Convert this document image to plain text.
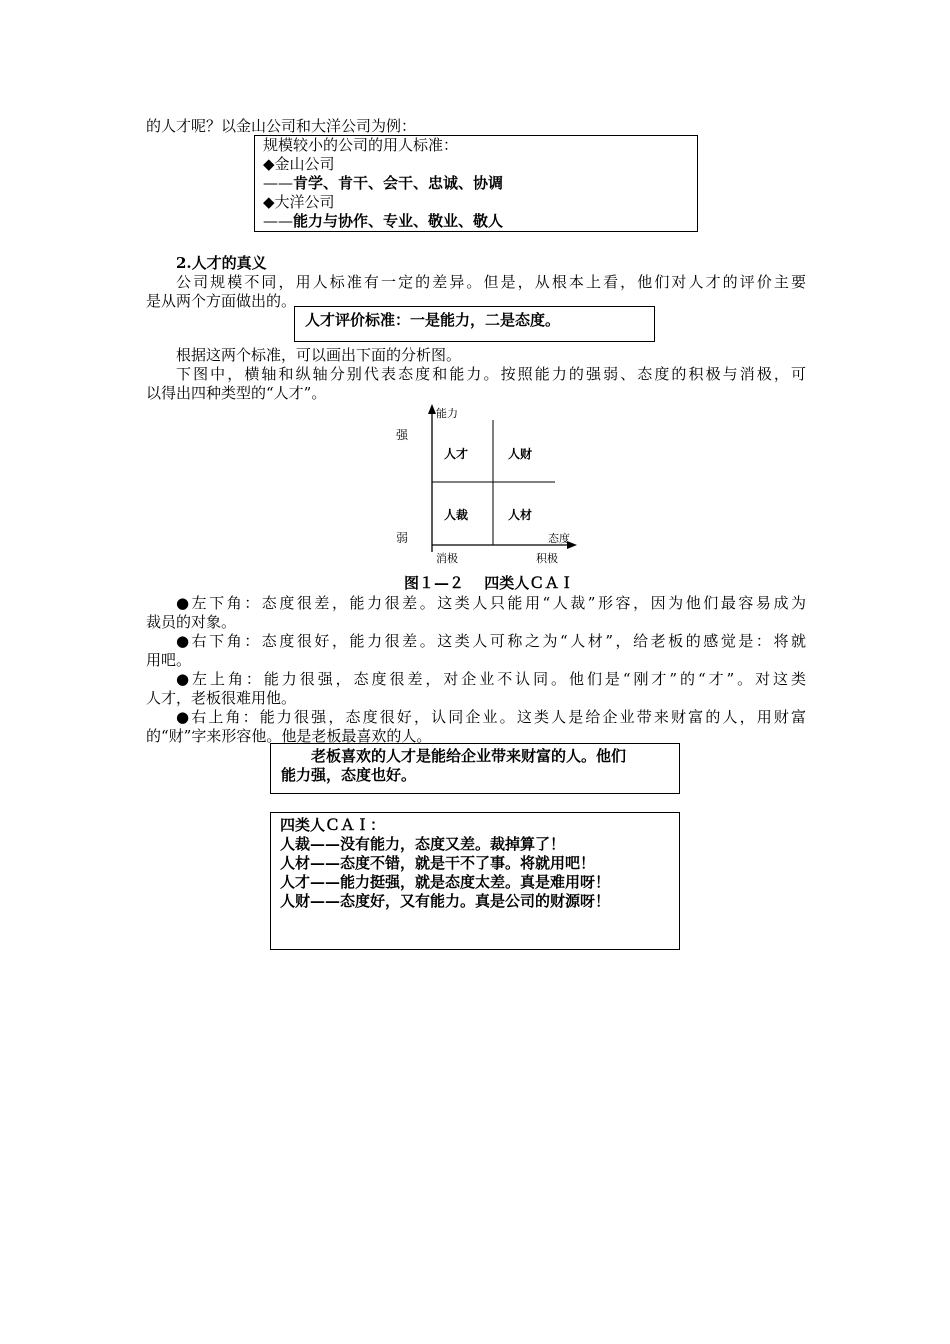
的人才呢？以金山公司和大洋公司为例：
规模较小的公司的用人标准：
◆金山公司
——肯学、肯干、会干、忠诚、协调
◆大洋公司
——能力与协作、专业、敬业、敬人
2.人才的真义
公司规模不同，用人标准有一定的差异。但是，从根本上看，他们对人才的评价主要
是从两个方面做出的。
人才评价标准：一是能力，二是态度。
根据这两个标准，可以画出下面的分析图。
下图中，横轴和纵轴分别代表态度和能力。按照能力的强弱、态度的积极与消极，可
以得出四种类型的“人才”。
能力
强
弱	态度
消极	积极
人才	人财
人裁	人材
图１—２　 四类人ＣＡＩ
●左下角：态度很差，能力很差。这类人只能用“人裁”形容，因为他们最容易成为
裁员的对象。
●右下角：态度很好，能力很差。这类人可称之为“人材”，给老板的感觉是：将就
用吧。
●左上角：能力很强，态度很差，对企业不认同。他们是“刚才”的“才”。对这类
人才，老板很难用他。
●右上角：能力很强，态度很好，认同企业。这类人是给企业带来财富的人，用财富
的“财”字来形容他。他是老板最喜欢的人。
老板喜欢的人才是能给企业带来财富的人。他们
能力强，态度也好。
四类人ＣＡＩ：
人裁——没有能力，态度又差。裁掉算了！
人材——态度不错，就是干不了事。将就用吧！
人才——能力挺强，就是态度太差。真是难用呀！
人财——态度好，又有能力。真是公司的财源呀！
